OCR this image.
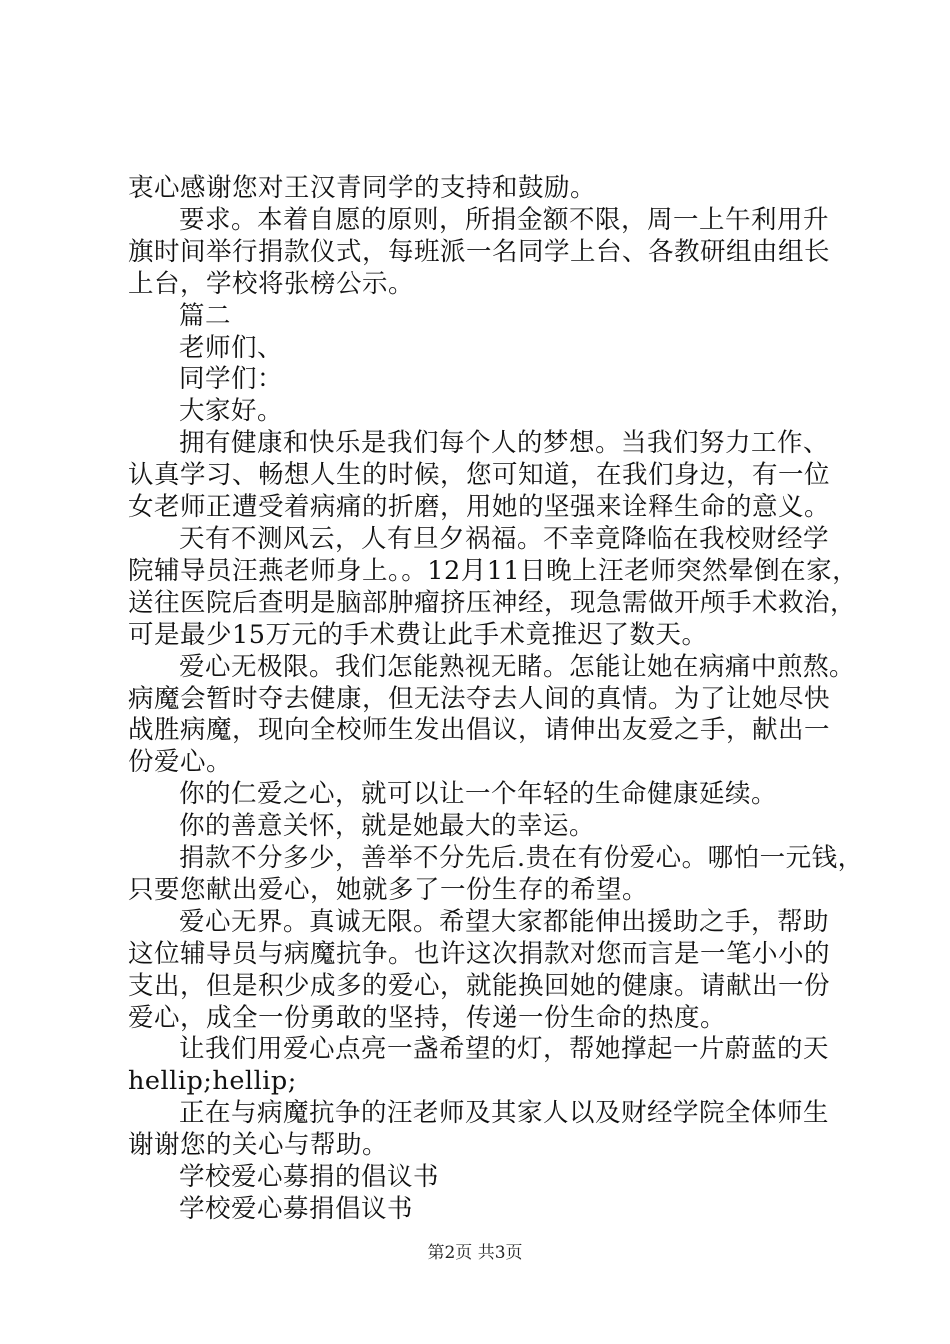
衷心感谢您对王汉青同学的支持和鼓励。
要求。本着自愿的原则，所捐金额不限，周一上午利用升
旗时间举行捐款仪式，每班派一名同学上台、各教研组由组长
上台，学校将张榜公示。
篇二
老师们、
同学们：
大家好。
拥有健康和快乐是我们每个人的梦想。当我们努力工作、
认真学习、畅想人生的时候，您可知道，在我们身边，有一位
女老师正遭受着病痛的折磨，用她的坚强来诠释生命的意义。
天有不测风云，人有旦夕祸福。不幸竟降临在我校财经学
院辅导员汪燕老师身上。。12月11日晚上汪老师突然晕倒在家，
送往医院后查明是脑部肿瘤挤压神经，现急需做开颅手术救治，
可是最少15万元的手术费让此手术竟推迟了数天。
爱心无极限。我们怎能熟视无睹。怎能让她在病痛中煎熬。
病魔会暂时夺去健康，但无法夺去人间的真情。为了让她尽快
战胜病魔，现向全校师生发出倡议，请伸出友爱之手，献出一
份爱心。
你的仁爱之心，就可以让一个年轻的生命健康延续。
你的善意关怀，就是她最大的幸运。
捐款不分多少，善举不分先后.贵在有份爱心。哪怕一元钱，
只要您献出爱心，她就多了一份生存的希望。
爱心无界。真诚无限。希望大家都能伸出援助之手，帮助
这位辅导员与病魔抗争。也许这次捐款对您而言是一笔小小的
支出，但是积少成多的爱心，就能换回她的健康。请献出一份
爱心，成全一份勇敢的坚持，传递一份生命的热度。
让我们用爱心点亮一盏希望的灯，帮她撑起一片蔚蓝的天
hellip;hellip;
正在与病魔抗争的汪老师及其家人以及财经学院全体师生
谢谢您的关心与帮助。
学校爱心募捐的倡议书
学校爱心募捐倡议书
第2页 共3页
